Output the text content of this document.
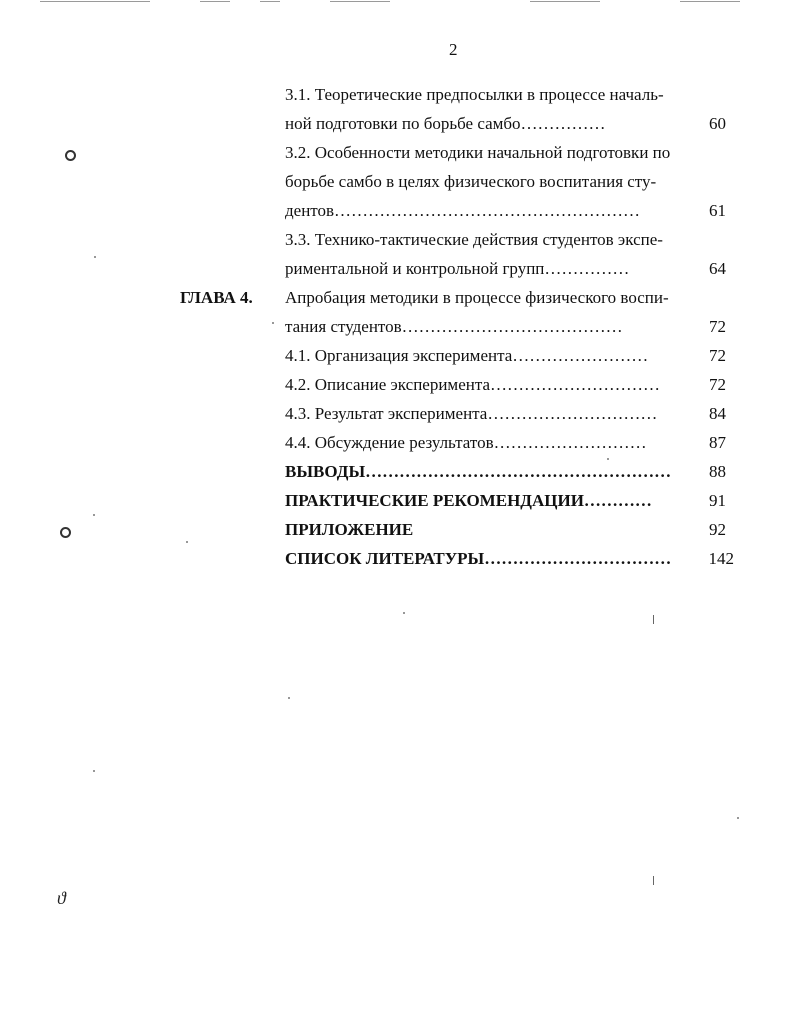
2
3.1. Теоретические предпосылки в процессе началь-
ной подготовки по борьбе самбо……………	60
3.2. Особенности методики начальной подготовки по
борьбе самбо в целях физического воспитания сту-
дентов………………………………………………	61
3.3. Технико-тактические действия студентов экспе-
риментальной и контрольной групп……………	64
ГЛАВА 4. Апробация методики в процессе физического воспи-
тания студентов…………………………………	72
4.1. Организация эксперимента……………………	72
4.2. Описание эксперимента…………………………	72
4.3. Результат эксперимента…………………………	84
4.4. Обсуждение результатов………………………	87
ВЫВОДЫ………………………………………………	88
ПРАКТИЧЕСКИЕ РЕКОМЕНДАЦИИ…………	91
ПРИЛОЖЕНИЕ	92
СПИСОК ЛИТЕРАТУРЫ……………………………	142
ϑ
